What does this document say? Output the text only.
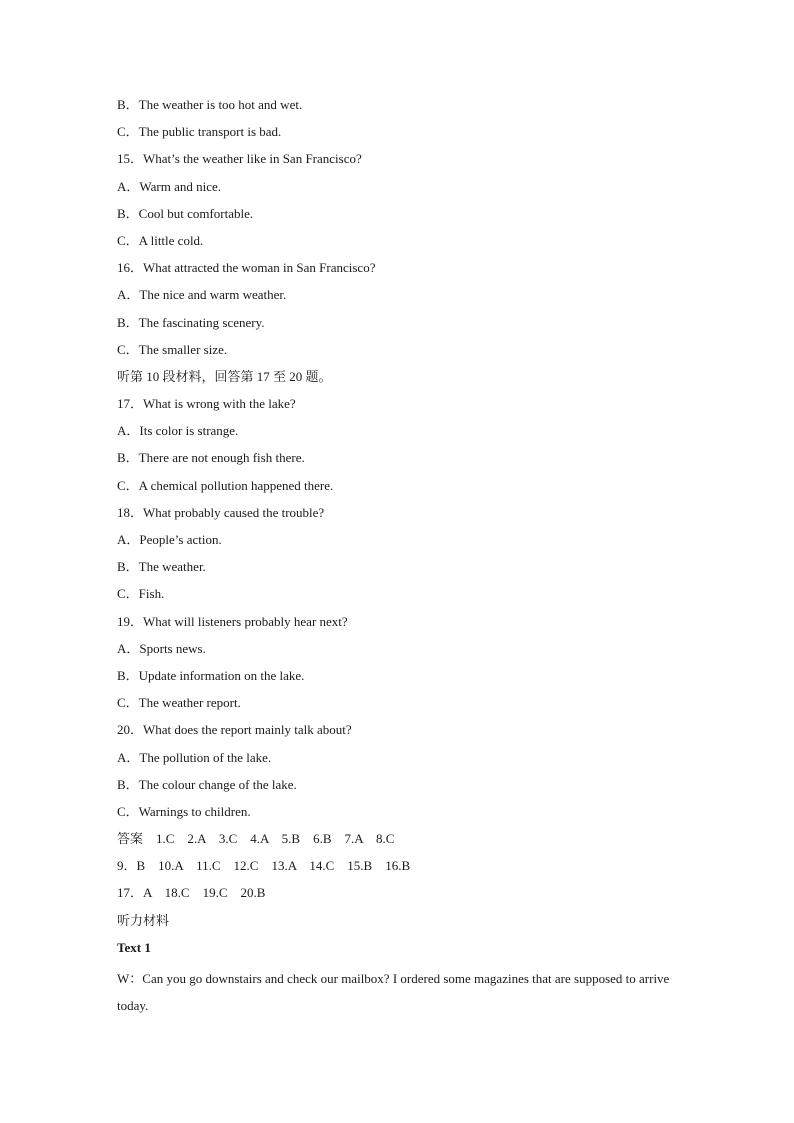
B．The weather is too hot and wet.
C．The public transport is bad.
15．What’s the weather like in San Francisco?
A．Warm and nice.
B．Cool but comfortable.
C．A little cold.
16．What attracted the woman in San Francisco?
A．The nice and warm weather.
B．The fascinating scenery.
C．The smaller size.
听第 10 段材料，回答第 17 至 20 题。
17．What is wrong with the lake?
A．Its color is strange.
B．There are not enough fish there.
C．A chemical pollution happened there.
18．What probably caused the trouble?
A．People’s action.
B．The weather.
C．Fish.
19．What will listeners probably hear next?
A．Sports news.
B．Update information on the lake.
C．The weather report.
20．What does the report mainly talk about?
A．The pollution of the lake.
B．The colour change of the lake.
C．Warnings to children.
答案　1.C　2.A　3.C　4.A　5.B　6.B　7.A　8.C
9．B　10.A　11.C　12.C　13.A　14.C　15.B　16.B
17．A　18.C　19.C　20.B
听力材料
Text 1
W：Can you go downstairs and check our mailbox? I ordered some magazines that are supposed to arrive today.
